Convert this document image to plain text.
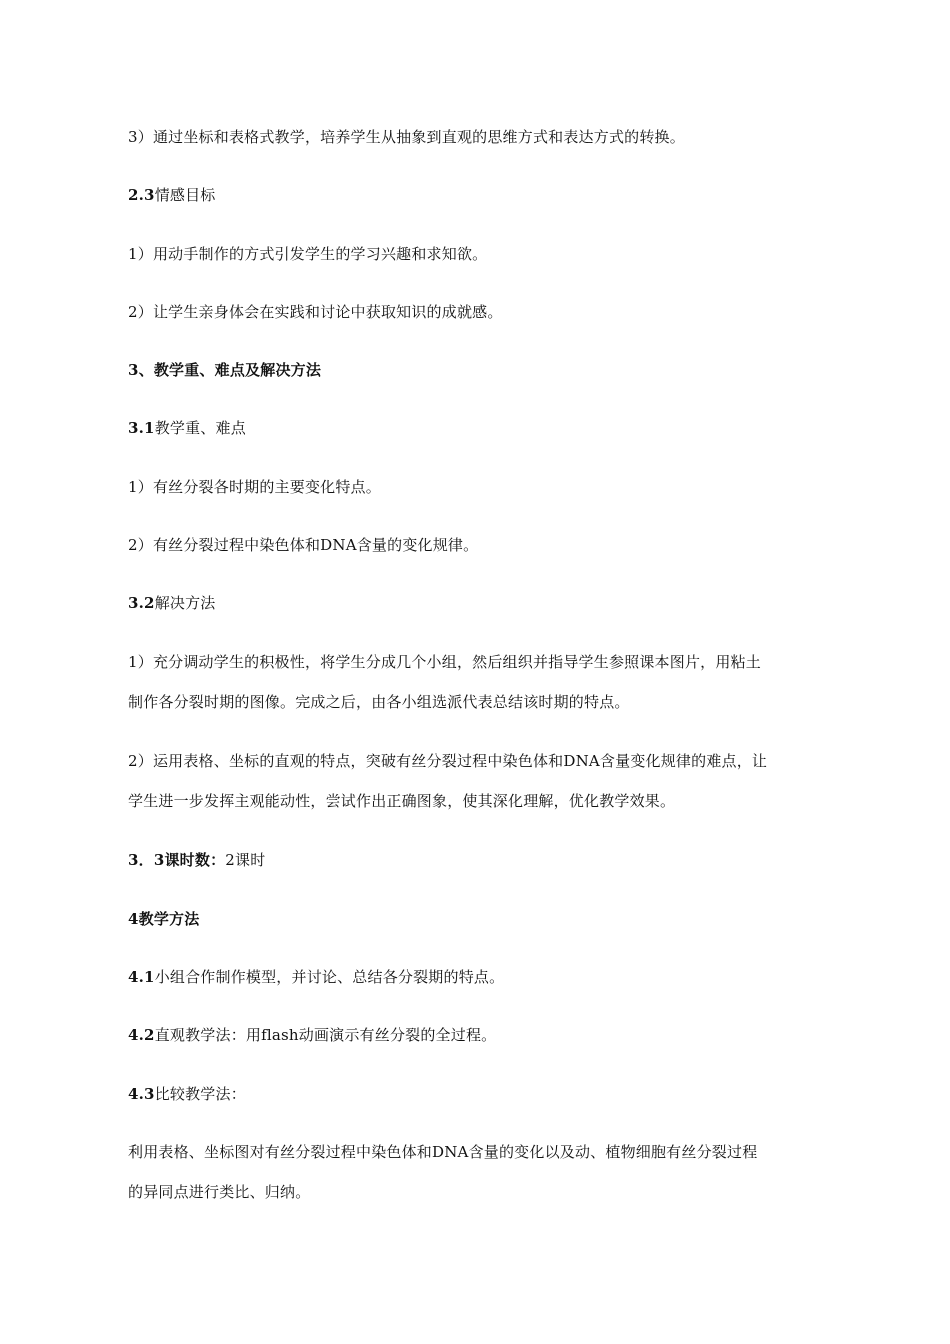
3）通过坐标和表格式教学，培养学生从抽象到直观的思维方式和表达方式的转换。
2.3情感目标
1）用动手制作的方式引发学生的学习兴趣和求知欲。
2）让学生亲身体会在实践和讨论中获取知识的成就感。
3、教学重、难点及解决方法
3.1教学重、难点
1）有丝分裂各时期的主要变化特点。
2）有丝分裂过程中染色体和DNA含量的变化规律。
3.2解决方法
1）充分调动学生的积极性，将学生分成几个小组，然后组织并指导学生参照课本图片，用粘土
制作各分裂时期的图像。完成之后，由各小组选派代表总结该时期的特点。
2）运用表格、坐标的直观的特点，突破有丝分裂过程中染色体和DNA含量变化规律的难点，让
学生进一步发挥主观能动性，尝试作出正确图象，使其深化理解，优化教学效果。
3．3课时数：2课时
4教学方法
4.1小组合作制作模型，并讨论、总结各分裂期的特点。
4.2直观教学法：用flash动画演示有丝分裂的全过程。
4.3比较教学法：
利用表格、坐标图对有丝分裂过程中染色体和DNA含量的变化以及动、植物细胞有丝分裂过程
的异同点进行类比、归纳。
